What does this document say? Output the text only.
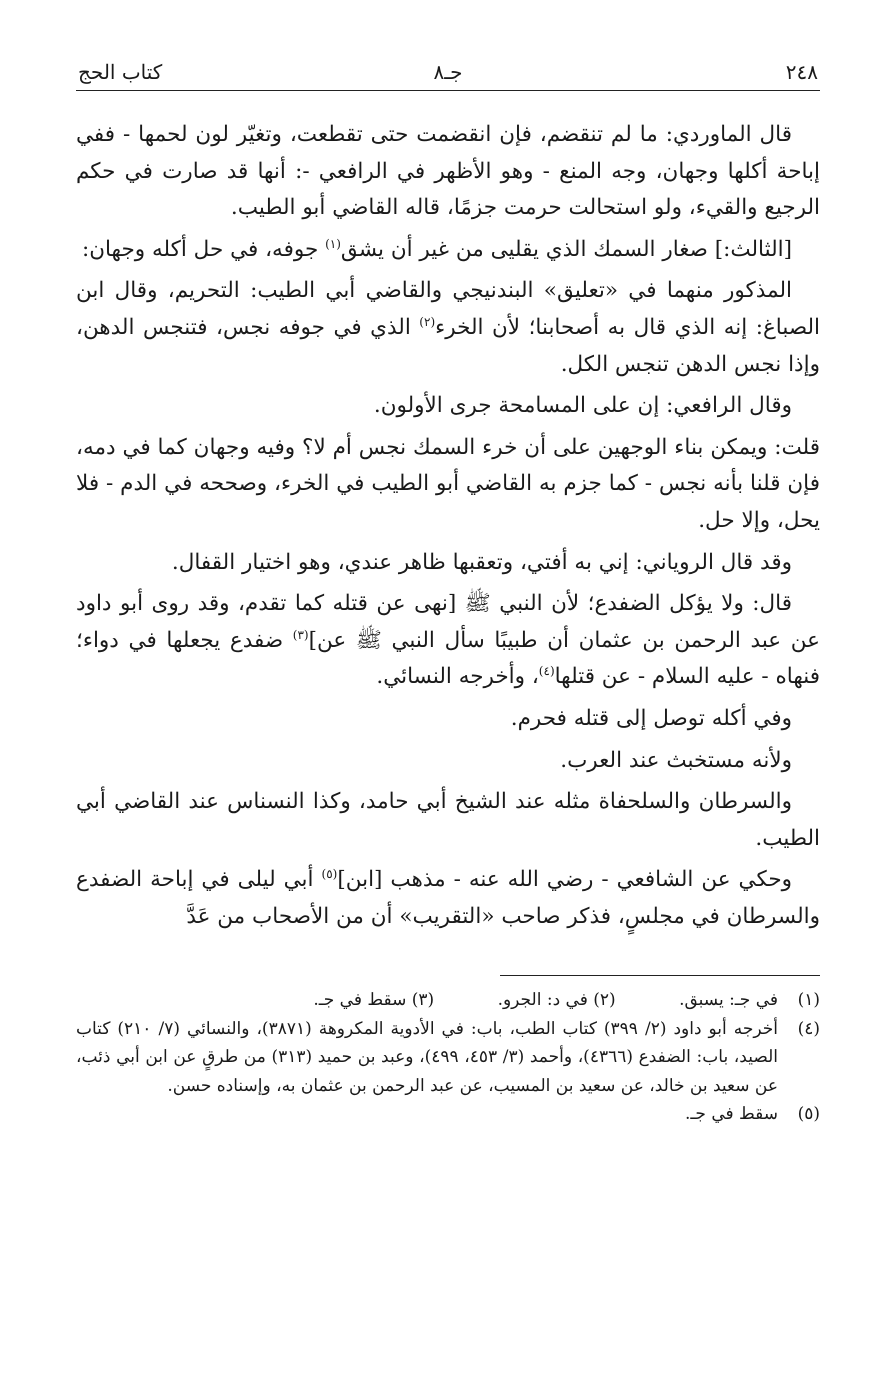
٢٤٨
جـ٨
كتاب الحج

قال الماوردي: ما لم تنقضم، فإن انقضمت حتى تقطعت، وتغيّر لون لحمها - ففي إباحة أكلها وجهان، وجه المنع - وهو الأظهر في الرافعي -: أنها قد صارت في حكم الرجيع والقيء، ولو استحالت حرمت جزمًا، قاله القاضي أبو الطيب.

[الثالث:] صغار السمك الذي يقليى من غير أن يشق$^{(١)}$ جوفه، في حل أكله وجهان:

المذكور منهما في «تعليق» البندنيجي والقاضي أبي الطيب: التحريم، وقال ابن الصباغ: إنه الذي قال به أصحابنا؛ لأن الخرء$^{(٢)}$ الذي في جوفه نجس، فتنجس الدهن، وإذا نجس الدهن تنجس الكل.

وقال الرافعي: إن على المسامحة جرى الأولون.

قلت: ويمكن بناء الوجهين على أن خرء السمك نجس أم لا؟ وفيه وجهان كما في دمه، فإن قلنا بأنه نجس - كما جزم به القاضي أبو الطيب في الخرء، وصححه في الدم - فلا يحل، وإلا حل.

وقد قال الروياني: إني به أفتي، وتعقبها ظاهر عندي، وهو اختيار القفال.

قال: ولا يؤكل الضفدع؛ لأن النبي ﷺ [نهى عن قتله كما تقدم، وقد روى أبو داود عن عبد الرحمن بن عثمان أن طبيبًا سأل النبي ﷺ عن]$^{(٣)}$ ضفدع يجعلها في دواء؛ فنهاه - عليه السلام - عن قتلها$^{(٤)}$، وأخرجه النسائي.

وفي أكله توصل إلى قتله فحرم.

ولأنه مستخبث عند العرب.

والسرطان والسلحفاة مثله عند الشيخ أبي حامد، وكذا النسناس عند القاضي أبي الطيب.

وحكي عن الشافعي - رضي الله عنه - مذهب [ابن]$^{(٥)}$ أبي ليلى في إباحة الضفدع والسرطان في مجلسٍ، فذكر صاحب «التقريب» أن من الأصحاب من عَدَّ

(١)
في جـ: يسبق. (٢) في د: الجرو. (٣) سقط في جـ.
(٤)
أخرجه أبو داود (٢/ ٣٩٩) كتاب الطب، باب: في الأدوية المكروهة (٣٨٧١)، والنسائي (٧/ ٢١٠) كتاب الصيد، باب: الضفدع (٤٣٦٦)، وأحمد (٣/ ٤٥٣، ٤٩٩)، وعبد بن حميد (٣١٣) من طرقٍ عن ابن أبي ذئب، عن سعيد بن خالد، عن سعيد بن المسيب، عن عبد الرحمن بن عثمان به، وإسناده حسن.
(٥)
سقط في جـ.
